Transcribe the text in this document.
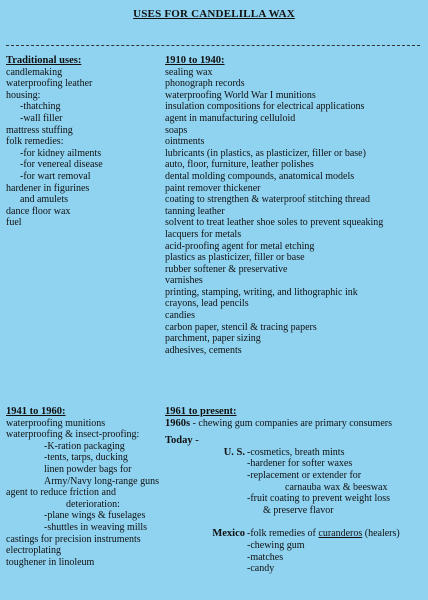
USES FOR CANDELILLA WAX
Traditional uses:
candlemaking
waterproofing leather
housing:
-thatching
-wall filler
mattress stuffing
folk remedies:
-for kidney ailments
-for venereal disease
-for wart removal
hardener in figurines
and amulets
dance floor wax
fuel
1910 to 1940:
sealing wax
phonograph records
waterproofing World War I munitions
insulation compositions for electrical applications
agent in manufacturing celluloid
soaps
ointments
lubricants (in plastics, as plasticizer, filler or base)
auto, floor, furniture, leather polishes
dental molding compounds, anatomical models
paint remover thickener
coating to strengthen & waterproof stitching thread
tanning leather
solvent to treat leather shoe soles to prevent squeaking
lacquers for metals
acid-proofing agent for metal etching
plastics as plasticizer, filler or base
rubber softener & preservative
varnishes
printing, stamping, writing, and lithographic ink
crayons, lead pencils
candies
carbon paper, stencil & tracing papers
parchment, paper sizing
adhesives, cements
1941 to 1960:
waterproofing munitions
waterproofing & insect-proofing:
-K-ration packaging
-tents, tarps, ducking
linen powder bags for
Army/Navy long-range guns
agent to reduce friction and
deterioration:
-plane wings & fuselages
-shuttles in weaving mills
castings for precision instruments
electroplating
toughener in linoleum
1961 to present:
1960s - chewing gum companies are primary consumers
Today -
U. S. -cosmetics, breath mints
-hardener for softer waxes
-replacement or extender for
carnauba wax & beeswax
-fruit coating to prevent weight loss
& preserve flavor
Mexico -folk remedies of curanderos (healers)
-chewing gum
-matches
-candy
